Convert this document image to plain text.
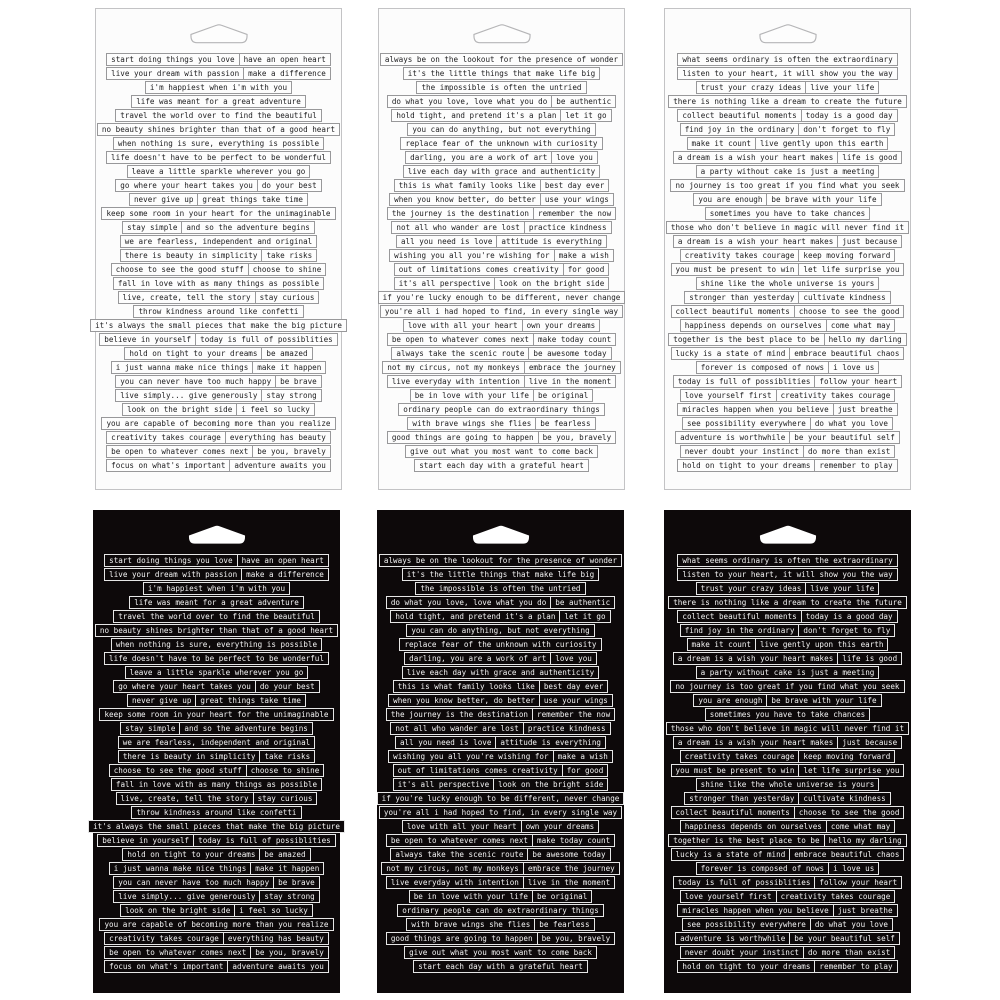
start doing things you love	have an open heart
live your dream with passion	make a difference
i'm happiest when i'm with you
life was meant for a great adventure
travel the world over to find the beautiful
no beauty shines brighter than that of a good heart
when nothing is sure, everything is possible
life doesn't have to be perfect to be wonderful
leave a little sparkle wherever you go
go where your heart takes you	do your best
never give up	great things take time
keep some room in your heart for the unimaginable
stay simple	and so the adventure begins
we are fearless, independent and original
there is beauty in simplicity	take risks
choose to see the good stuff	choose to shine
fall in love with as many things as possible
live, create, tell the story	stay curious
throw kindness around like confetti
it's always the small pieces that make the big picture
believe in yourself	today is full of possiblities
hold on tight to your dreams	be amazed
i just wanna make nice things	make it happen
you can never have too much happy	be brave
live simply... give generously	stay strong
look on the bright side	i feel so lucky
you are capable of becoming more than you realize
creativity takes courage	everything has beauty
be open to whatever comes next	be you, bravely
focus on what's important	adventure awaits you
always be on the lookout for the presence of wonder
it's the little things that make life big
the impossible is often the untried
do what you love, love what you do	be authentic
hold tight, and pretend it's a plan	let it go
you can do anything, but not everything
replace fear of the unknown with curiosity
darling, you are a work of art	love you
live each day with grace and authenticity
this is what family looks like	best day ever
when you know better, do better	use your wings
the journey is the destination	remember the now
not all who wander are lost	practice kindness
all you need is love	attitude is everything
wishing you all you're wishing for	make a wish
out of limitations comes creativity	for good
it's all perspective	look on the bright side
if you're lucky enough to be different, never change
you're all i had hoped to find, in every single way
love with all your heart	own your dreams
be open to whatever comes next	make today count
always take the scenic route	be awesome today
not my circus, not my monkeys	embrace the journey
live everyday with intention	live in the moment
be in love with your life	be original
ordinary people can do extraordinary things
with brave wings she flies	be fearless
good things are going to happen	be you, bravely
give out what you most want to come back
start each day with a grateful heart
what seems ordinary is often the extraordinary
listen to your heart, it will show you the way
trust your crazy ideas	live your life
there is nothing like a dream to create the future
collect beautiful moments	today is a good day
find joy in the ordinary	don't forget to fly
make it count	live gently upon this earth
a dream is a wish your heart makes	life is good
a party without cake is just a meeting
no journey is too great if you find what you seek
you are enough	be brave with your life
sometimes you have to take chances
those who don't believe in magic will never find it
a dream is a wish your heart makes	just because
creativity takes courage	keep moving forward
you must be present to win	let life surprise you
shine like the whole universe is yours
stronger than yesterday	cultivate kindness
collect beautiful moments	choose to see the good
happiness depends on ourselves	come what may
together is the best place to be	hello my darling
lucky is a state of mind	embrace beautiful chaos
forever is composed of nows	i love us
today is full of possiblities	follow your heart
love yourself first	creativity takes courage
miracles happen when you believe	just breathe
see possibility everywhere	do what you love
adventure is worthwhile	be your beautiful self
never doubt your instinct	do more than exist
hold on tight to your dreams	remember to play
start doing things you love	have an open heart
live your dream with passion	make a difference
i'm happiest when i'm with you
life was meant for a great adventure
travel the world over to find the beautiful
no beauty shines brighter than that of a good heart
when nothing is sure, everything is possible
life doesn't have to be perfect to be wonderful
leave a little sparkle wherever you go
go where your heart takes you	do your best
never give up	great things take time
keep some room in your heart for the unimaginable
stay simple	and so the adventure begins
we are fearless, independent and original
there is beauty in simplicity	take risks
choose to see the good stuff	choose to shine
fall in love with as many things as possible
live, create, tell the story	stay curious
throw kindness around like confetti
it's always the small pieces that make the big picture
believe in yourself	today is full of possiblities
hold on tight to your dreams	be amazed
i just wanna make nice things	make it happen
you can never have too much happy	be brave
live simply... give generously	stay strong
look on the bright side	i feel so lucky
you are capable of becoming more than you realize
creativity takes courage	everything has beauty
be open to whatever comes next	be you, bravely
focus on what's important	adventure awaits you
always be on the lookout for the presence of wonder
it's the little things that make life big
the impossible is often the untried
do what you love, love what you do	be authentic
hold tight, and pretend it's a plan	let it go
you can do anything, but not everything
replace fear of the unknown with curiosity
darling, you are a work of art	love you
live each day with grace and authenticity
this is what family looks like	best day ever
when you know better, do better	use your wings
the journey is the destination	remember the now
not all who wander are lost	practice kindness
all you need is love	attitude is everything
wishing you all you're wishing for	make a wish
out of limitations comes creativity	for good
it's all perspective	look on the bright side
if you're lucky enough to be different, never change
you're all i had hoped to find, in every single way
love with all your heart	own your dreams
be open to whatever comes next	make today count
always take the scenic route	be awesome today
not my circus, not my monkeys	embrace the journey
live everyday with intention	live in the moment
be in love with your life	be original
ordinary people can do extraordinary things
with brave wings she flies	be fearless
good things are going to happen	be you, bravely
give out what you most want to come back
start each day with a grateful heart
what seems ordinary is often the extraordinary
listen to your heart, it will show you the way
trust your crazy ideas	live your life
there is nothing like a dream to create the future
collect beautiful moments	today is a good day
find joy in the ordinary	don't forget to fly
make it count	live gently upon this earth
a dream is a wish your heart makes	life is good
a party without cake is just a meeting
no journey is too great if you find what you seek
you are enough	be brave with your life
sometimes you have to take chances
those who don't believe in magic will never find it
a dream is a wish your heart makes	just because
creativity takes courage	keep moving forward
you must be present to win	let life surprise you
shine like the whole universe is yours
stronger than yesterday	cultivate kindness
collect beautiful moments	choose to see the good
happiness depends on ourselves	come what may
together is the best place to be	hello my darling
lucky is a state of mind	embrace beautiful chaos
forever is composed of nows	i love us
today is full of possiblities	follow your heart
love yourself first	creativity takes courage
miracles happen when you believe	just breathe
see possibility everywhere	do what you love
adventure is worthwhile	be your beautiful self
never doubt your instinct	do more than exist
hold on tight to your dreams	remember to play
